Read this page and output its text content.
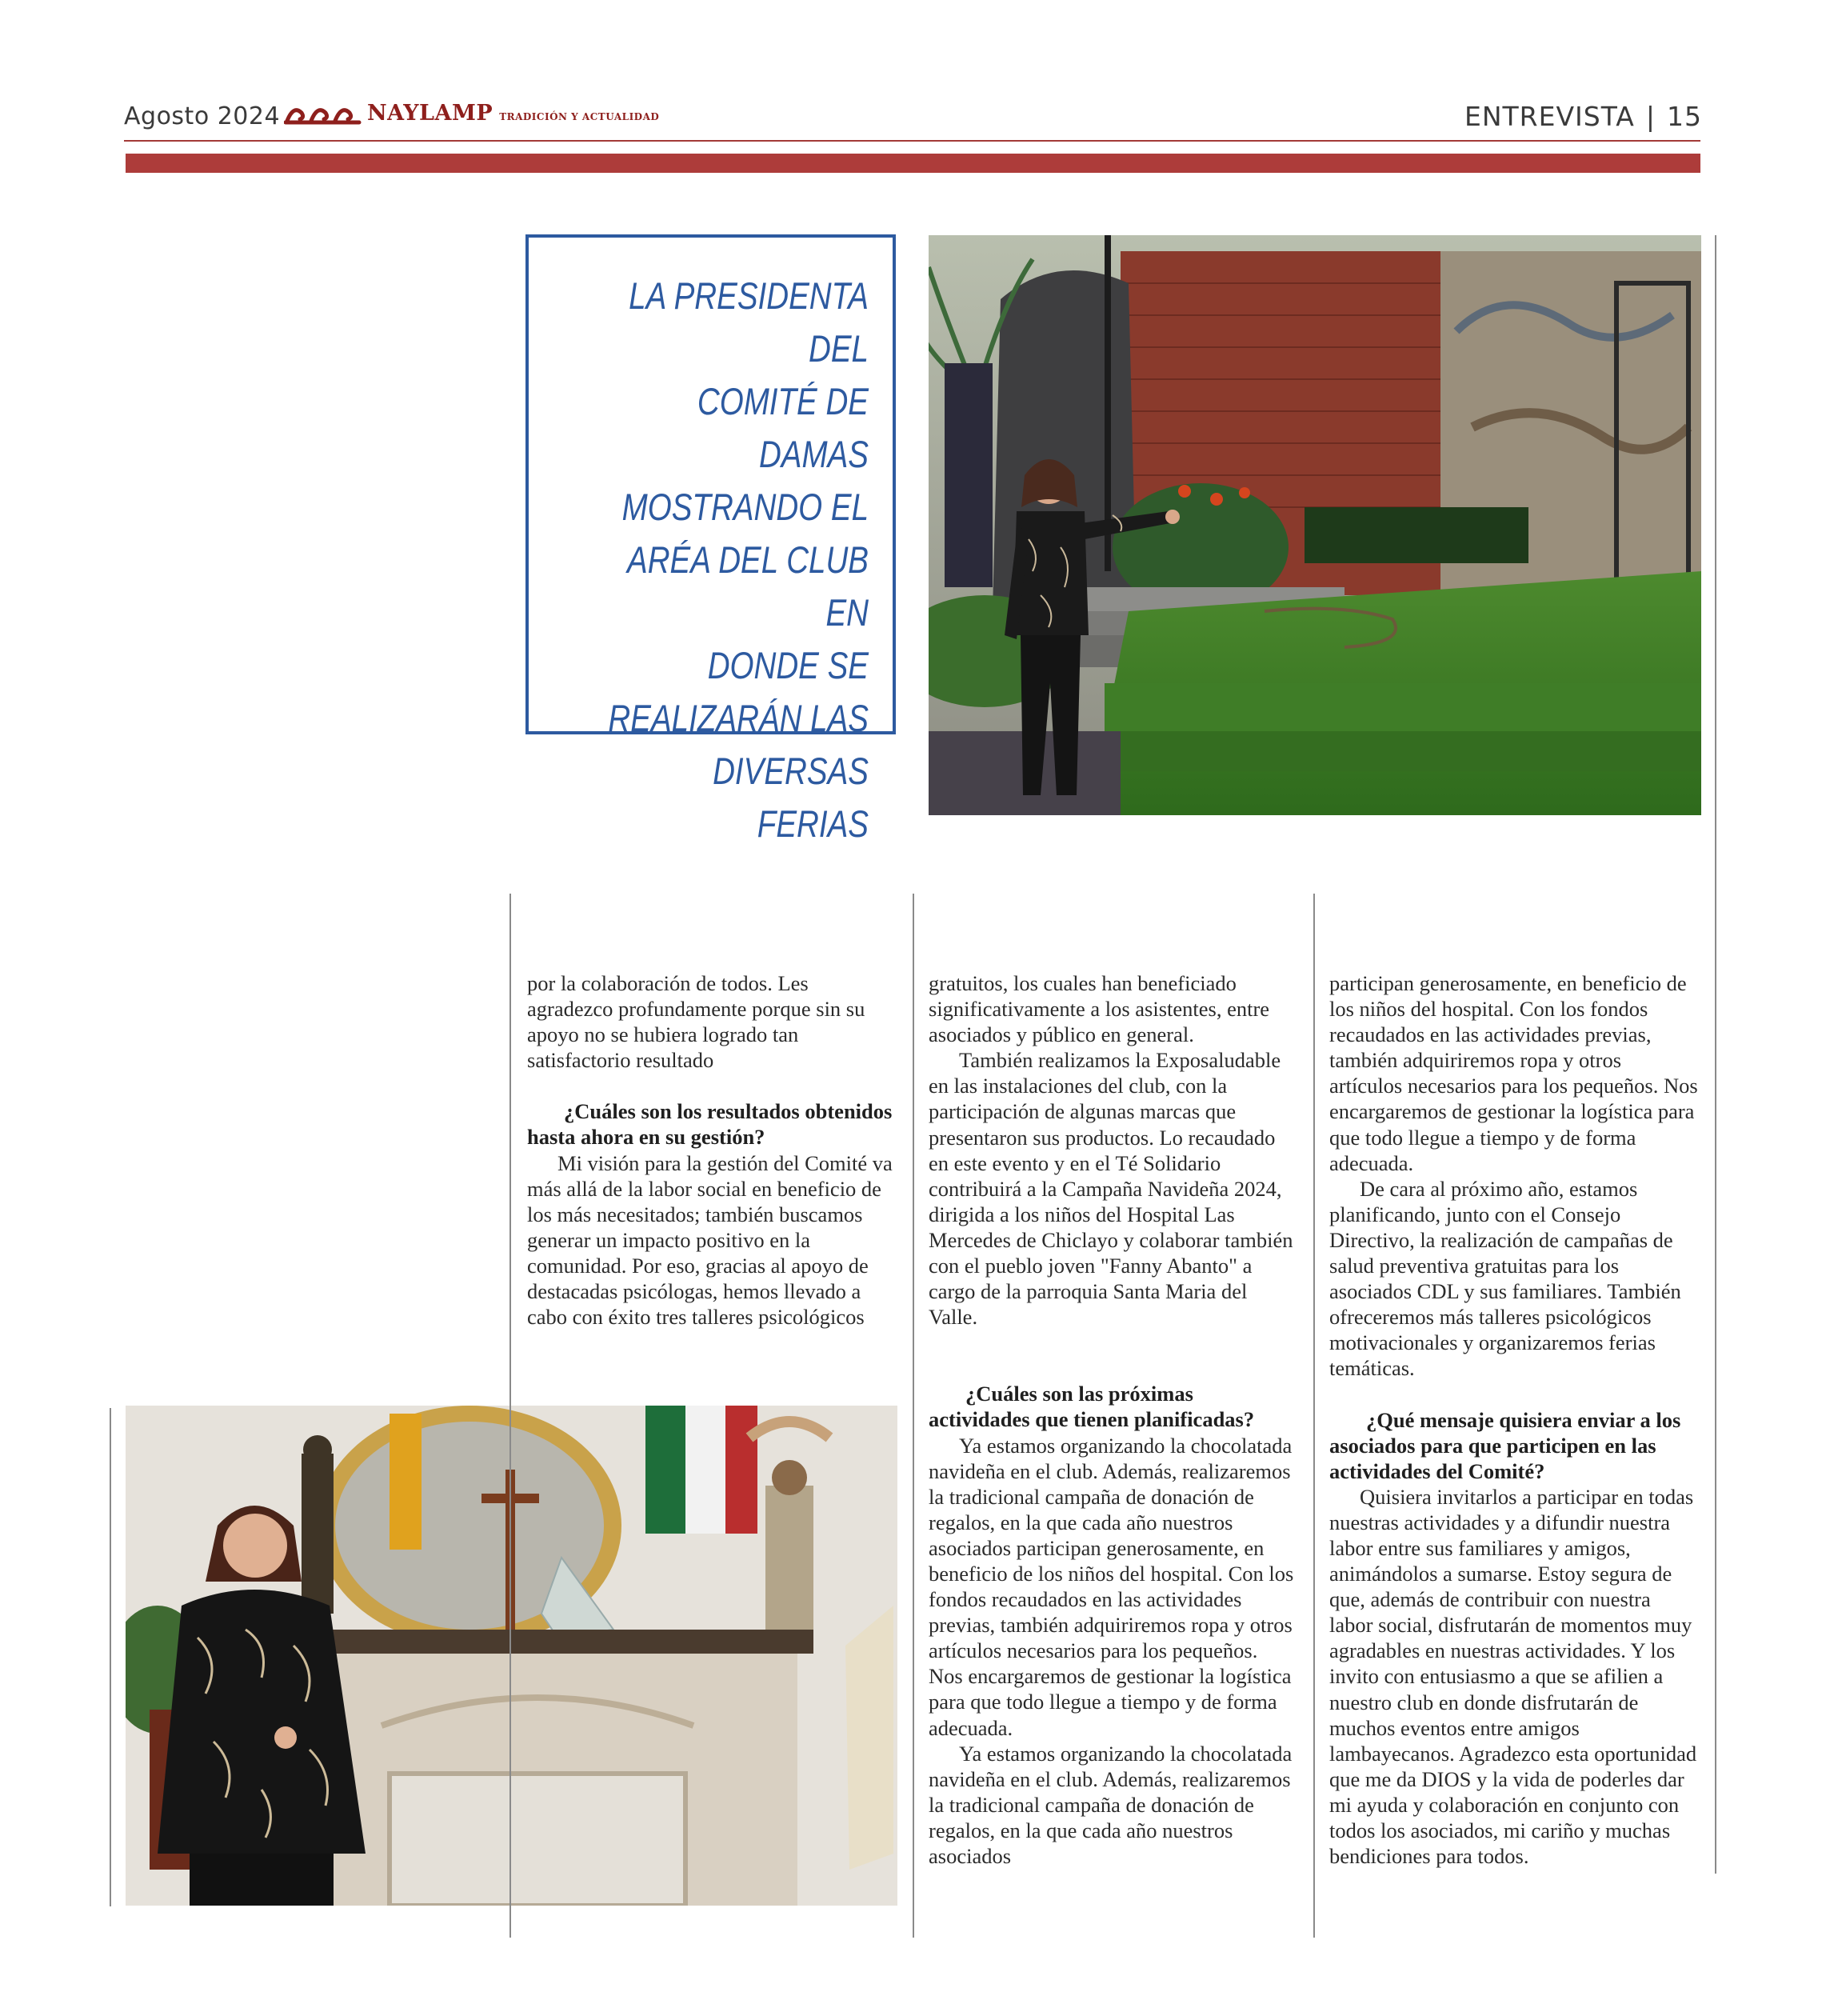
Agosto 2024	NAYLAMP TRADICIÓN Y ACTUALIDAD	ENTREVISTA | 15
LA PRESIDENTA DEL
COMITÉ DE DAMAS
MOSTRANDO EL
ARÉA DEL CLUB EN
DONDE SE
REALIZARÁN LAS
DIVERSAS FERIAS

por la colaboración de todos. Les agradezco profundamente porque sin su apoyo no se hubiera logrado tan satisfactorio resultado

¿Cuáles son los resultados obtenidos hasta ahora en su gestión?

Mi visión para la gestión del Comité va más allá de la labor social en beneficio de los más necesitados; también buscamos generar un impacto positivo en la comunidad. Por eso, gracias al apoyo de destacadas psicólogas, hemos llevado a cabo con éxito tres talleres psicológicos

gratuitos, los cuales han beneficiado significativamente a los asistentes, entre asociados y público en general.

También realizamos la Exposaludable en las instalaciones del club, con la participación de algunas marcas que presentaron sus productos. Lo recaudado en este evento y en el Té Solidario contribuirá a la Campaña Navideña 2024, dirigida a los niños del Hospital Las Mercedes de Chiclayo y colaborar también con el pueblo joven "Fanny Abanto" a cargo de la parroquia Santa Maria del Valle.

¿Cuáles son las próximas actividades que tienen planificadas?

Ya estamos organizando la chocolatada navideña en el club. Además, realizaremos la tradicional campaña de donación de regalos, en la que cada año nuestros asociados participan generosamente, en beneficio de los niños del hospital. Con los fondos recaudados en las actividades previas, también adquiriremos ropa y otros artículos necesarios para los pequeños. Nos encargaremos de gestionar la logística para que todo llegue a tiempo y de forma adecuada.

Ya estamos organizando la chocolatada navideña en el club. Además, realizaremos la tradicional campaña de donación de regalos, en la que cada año nuestros asociados

participan generosamente, en beneficio de los niños del hospital. Con los fondos recaudados en las actividades previas, también adquiriremos ropa y otros artículos necesarios para los pequeños. Nos encargaremos de gestionar la logística para que todo llegue a tiempo y de forma adecuada.

De cara al próximo año, estamos planificando, junto con el Consejo Directivo, la realización de campañas de salud preventiva gratuitas para los asociados CDL y sus familiares. También ofreceremos más talleres psicológicos motivacionales y organizaremos ferias temáticas.

¿Qué mensaje quisiera enviar a los asociados para que participen en las actividades del Comité?

Quisiera invitarlos a participar en todas nuestras actividades y a difundir nuestra labor entre sus familiares y amigos, animándolos a sumarse. Estoy segura de que, además de contribuir con nuestra labor social, disfrutarán de momentos muy agradables en nuestras actividades. Y los invito con entusiasmo a que se afilien a nuestro club en donde disfrutarán de muchos eventos entre amigos lambayecanos. Agradezco esta oportunidad que me da DIOS y la vida de poderles dar mi ayuda y colaboración en conjunto con todos los asociados, mi cariño y muchas bendiciones para todos.
